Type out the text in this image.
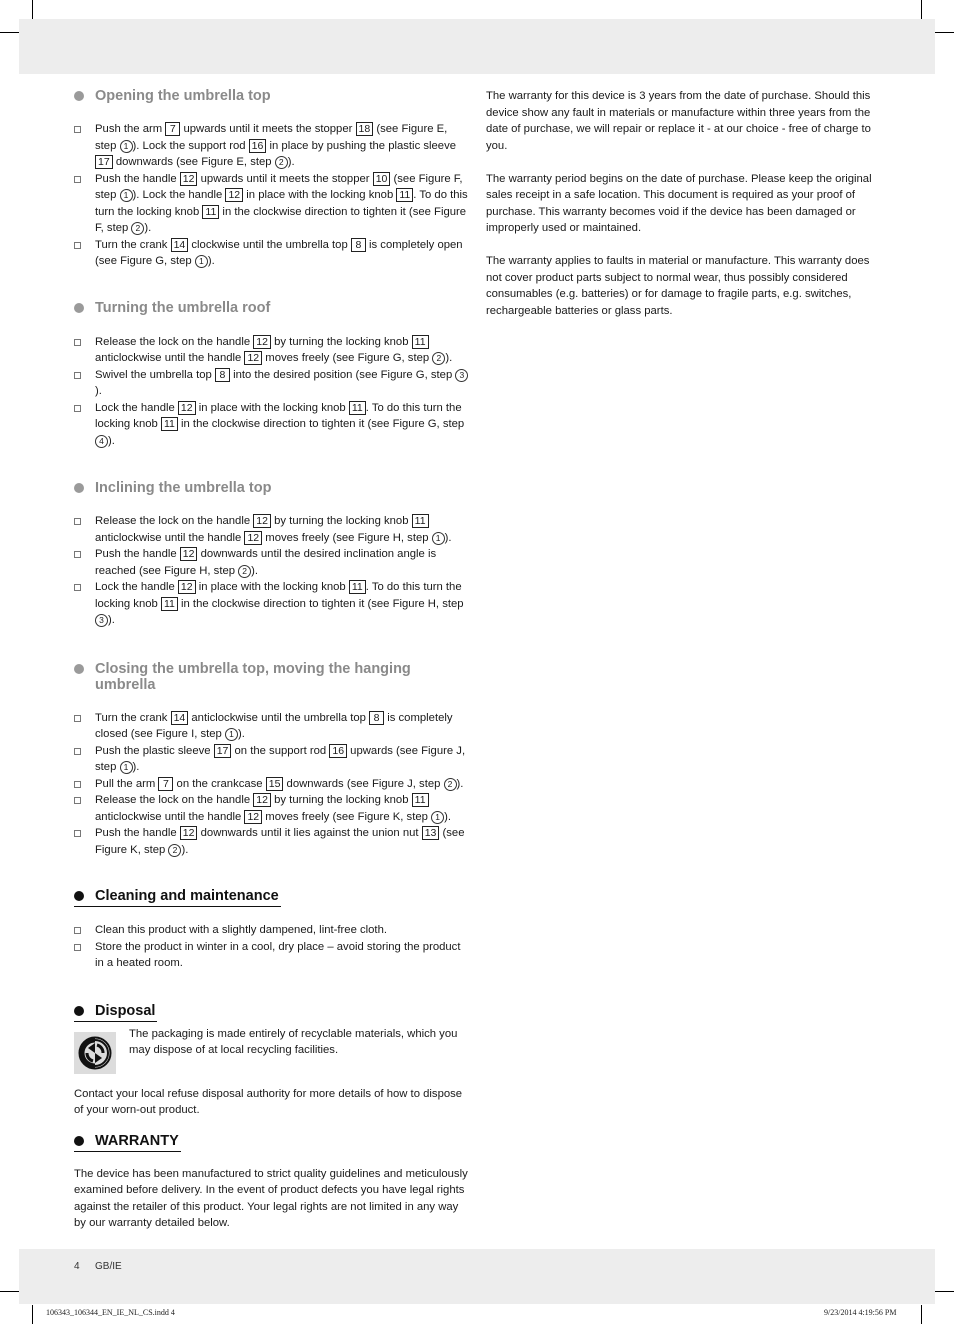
4 GB/IE
106343_106344_EN_IE_NL_CS.indd 4	9/23/2014 4:19:56 PM
Opening the umbrella top
Push the arm 7 upwards until it meets the stopper 18 (see Figure E, step 1 ). Lock the support rod 16 in place by pushing the plastic sleeve 17 downwards (see Figure E, step 2 ).
Push the handle 12 upwards until it meets the stopper 10 (see Figure F, step 1 ). Lock the handle 12 in place with the locking knob 11 . To do this turn the locking knob 11 in the clockwise direction to tighten it (see Figure F, step 2 ).
Turn the crank 14 clockwise until the umbrella top 8 is completely open (see Figure G, step 1 ).
Turning the umbrella roof
Release the lock on the handle 12 by turning the locking knob 11 anticlockwise until the handle 12 moves freely (see Figure G, step 2 ).
Swivel the umbrella top 8 into the desired position (see Figure G, step 3).
Lock the handle 12 in place with the locking knob 11 . To do this turn the locking knob 11 in the clockwise direction to tighten it (see Figure G, step 4 ).
Inclining the umbrella top
Release the lock on the handle 12 by turning the locking knob 11 anticlockwise until the handle 12 moves freely (see Figure H, step 1 ).
Push the handle 12 downwards until the desired inclination angle is reached (see Figure H, step 2 ).
Lock the handle 12 in place with the locking knob 11 . To do this turn the locking knob 11 in the clockwise direction to tighten it (see Figure H, step 3 ).
Closing the umbrella top, moving the hanging umbrella
Turn the crank 14 anticlockwise until the umbrella top 8 is completely closed (see Figure I, step 1 ).
Push the plastic sleeve 17 on the support rod 16 upwards (see Figure J, step 1 ).
Pull the arm 7 on the crankcase 15 downwards (see Figure J, step 2 ).
Release the lock on the handle 12 by turning the locking knob 11 anticlockwise until the handle 12 moves freely (see Figure K, step 1 ).
Push the handle 12 downwards until it lies against the union nut 13 (see Figure K, step 2 ).
Cleaning and maintenance
Clean this product with a slightly dampened, lint-free cloth.
Store the product in winter in a cool, dry place – avoid storing the product in a heated room.
Disposal

The packaging is made entirely of recyclable materials, which you may dispose of at local recycling facilities.

Contact your local refuse disposal authority for more details of how to dispose of your worn-out product.

WARRANTY

The device has been manufactured to strict quality guidelines and meticulously examined before delivery. In the event of product defects you have legal rights against the retailer of this product. Your legal rights are not limited in any way by our warranty detailed below.

The warranty for this device is 3 years from the date of purchase. Should this device show any fault in materials or manufacture within three years from the date of purchase, we will repair or replace it - at our choice - free of charge to you.

The warranty period begins on the date of purchase. Please keep the original sales receipt in a safe location. This document is required as your proof of purchase. This warranty becomes void if the device has been damaged or improperly used or maintained.

The warranty applies to faults in material or manufacture. This warranty does not cover product parts subject to normal wear, thus possibly considered consumables (e.g. batteries) or for damage to fragile parts, e.g. switches, rechargeable batteries or glass parts.
